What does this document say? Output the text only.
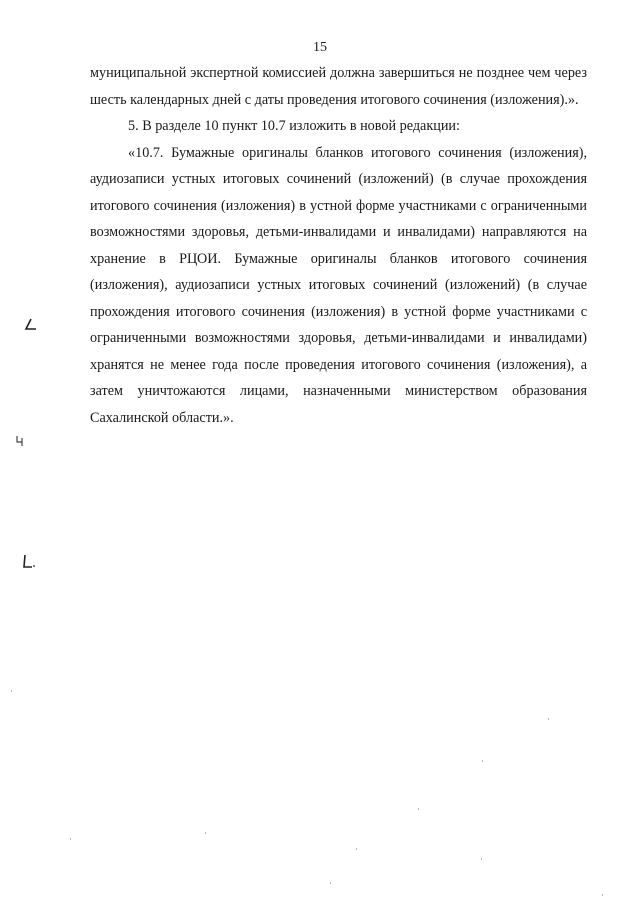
15

муниципальной экспертной комиссией должна завершиться не позднее чем через шесть календарных дней с даты проведения итогового сочинения (изложения).».

5. В разделе 10 пункт 10.7 изложить в новой редакции:

«10.7. Бумажные оригиналы бланков итогового сочинения (изложения), аудиозаписи устных итоговых сочинений (изложений) (в случае прохождения итогового сочинения (изложения) в устной форме участниками с ограниченными возможностями здоровья, детьми-инвалидами и инвалидами) направляются на хранение в РЦОИ. Бумажные оригиналы бланков итогового сочинения (изложения), аудиозаписи устных итоговых сочинений (изложений) (в случае прохождения итогового сочинения (изложения) в устной форме участниками с ограниченными возможностями здоровья, детьми-инвалидами и инвалидами) хранятся не менее года после проведения итогового сочинения (изложения), а затем уничтожаются лицами, назначенными министерством образования Сахалинской области.».
